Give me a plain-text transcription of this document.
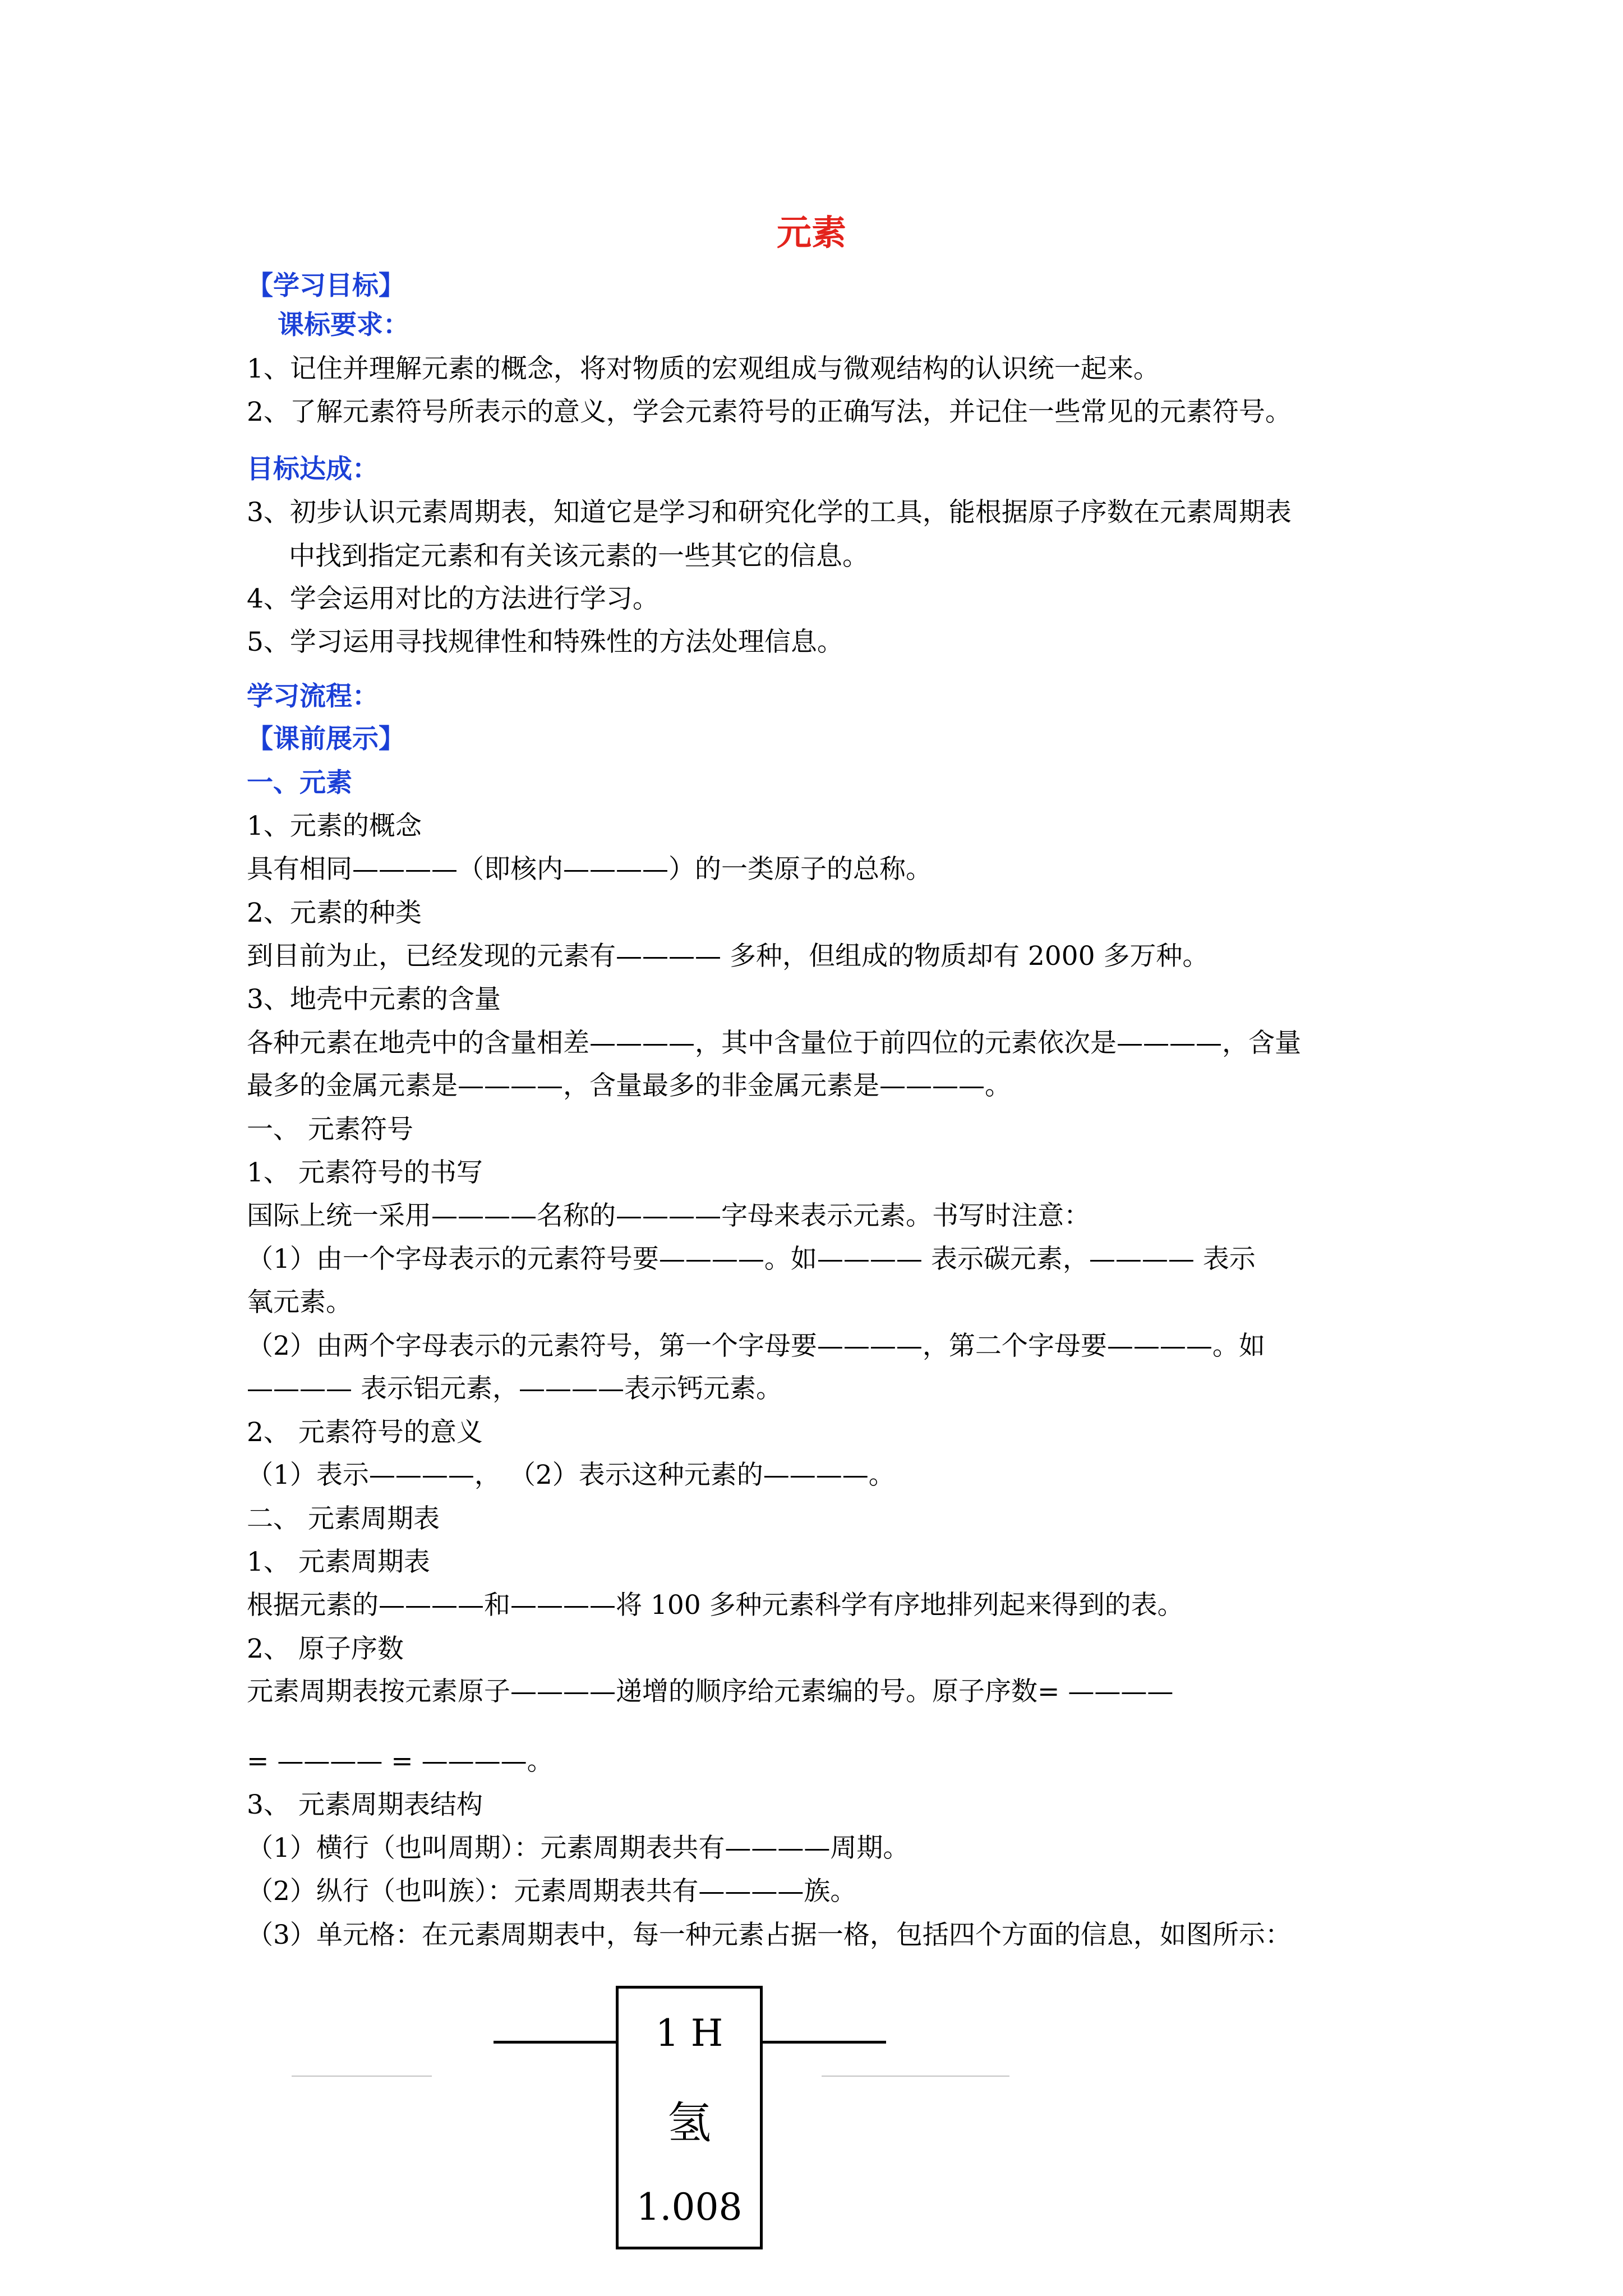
元素

【学习目标】

课标要求：

1、记住并理解元素的概念，将对物质的宏观组成与微观结构的认识统一起来。

2、了解元素符号所表示的意义，学会元素符号的正确写法，并记住一些常见的元素符号。

目标达成：

3、初步认识元素周期表，知道它是学习和研究化学的工具，能根据原子序数在元素周期表

中找到指定元素和有关该元素的一些其它的信息。

4、学会运用对比的方法进行学习。

5、学习运用寻找规律性和特殊性的方法处理信息。

学习流程：

【课前展示】

一、元素

1、元素的概念

具有相同————（即核内————）的一类原子的总称。

2、元素的种类

到目前为止，已经发现的元素有———— 多种，但组成的物质却有 2000 多万种。

3、地壳中元素的含量

各种元素在地壳中的含量相差————，其中含量位于前四位的元素依次是————，含量

最多的金属元素是————，含量最多的非金属元素是————。

一、 元素符号

1、 元素符号的书写

国际上统一采用————名称的————字母来表示元素。书写时注意：

（1）由一个字母表示的元素符号要————。如———— 表示碳元素，———— 表示

氧元素。

（2）由两个字母表示的元素符号，第一个字母要————，第二个字母要————。如

———— 表示铝元素，————表示钙元素。

2、 元素符号的意义

（1）表示————， （2）表示这种元素的————。

二、 元素周期表

1、 元素周期表

根据元素的————和————将 100 多种元素科学有序地排列起来得到的表。

2、 原子序数

元素周期表按元素原子————递增的顺序给元素编的号。原子序数= ————

= ———— = ————。

3、 元素周期表结构

（1）横行（也叫周期）：元素周期表共有————周期。

（2）纵行（也叫族）：元素周期表共有————族。

（3）单元格：在元素周期表中，每一种元素占据一格，包括四个方面的信息，如图所示：

1 H
氢
1.008
